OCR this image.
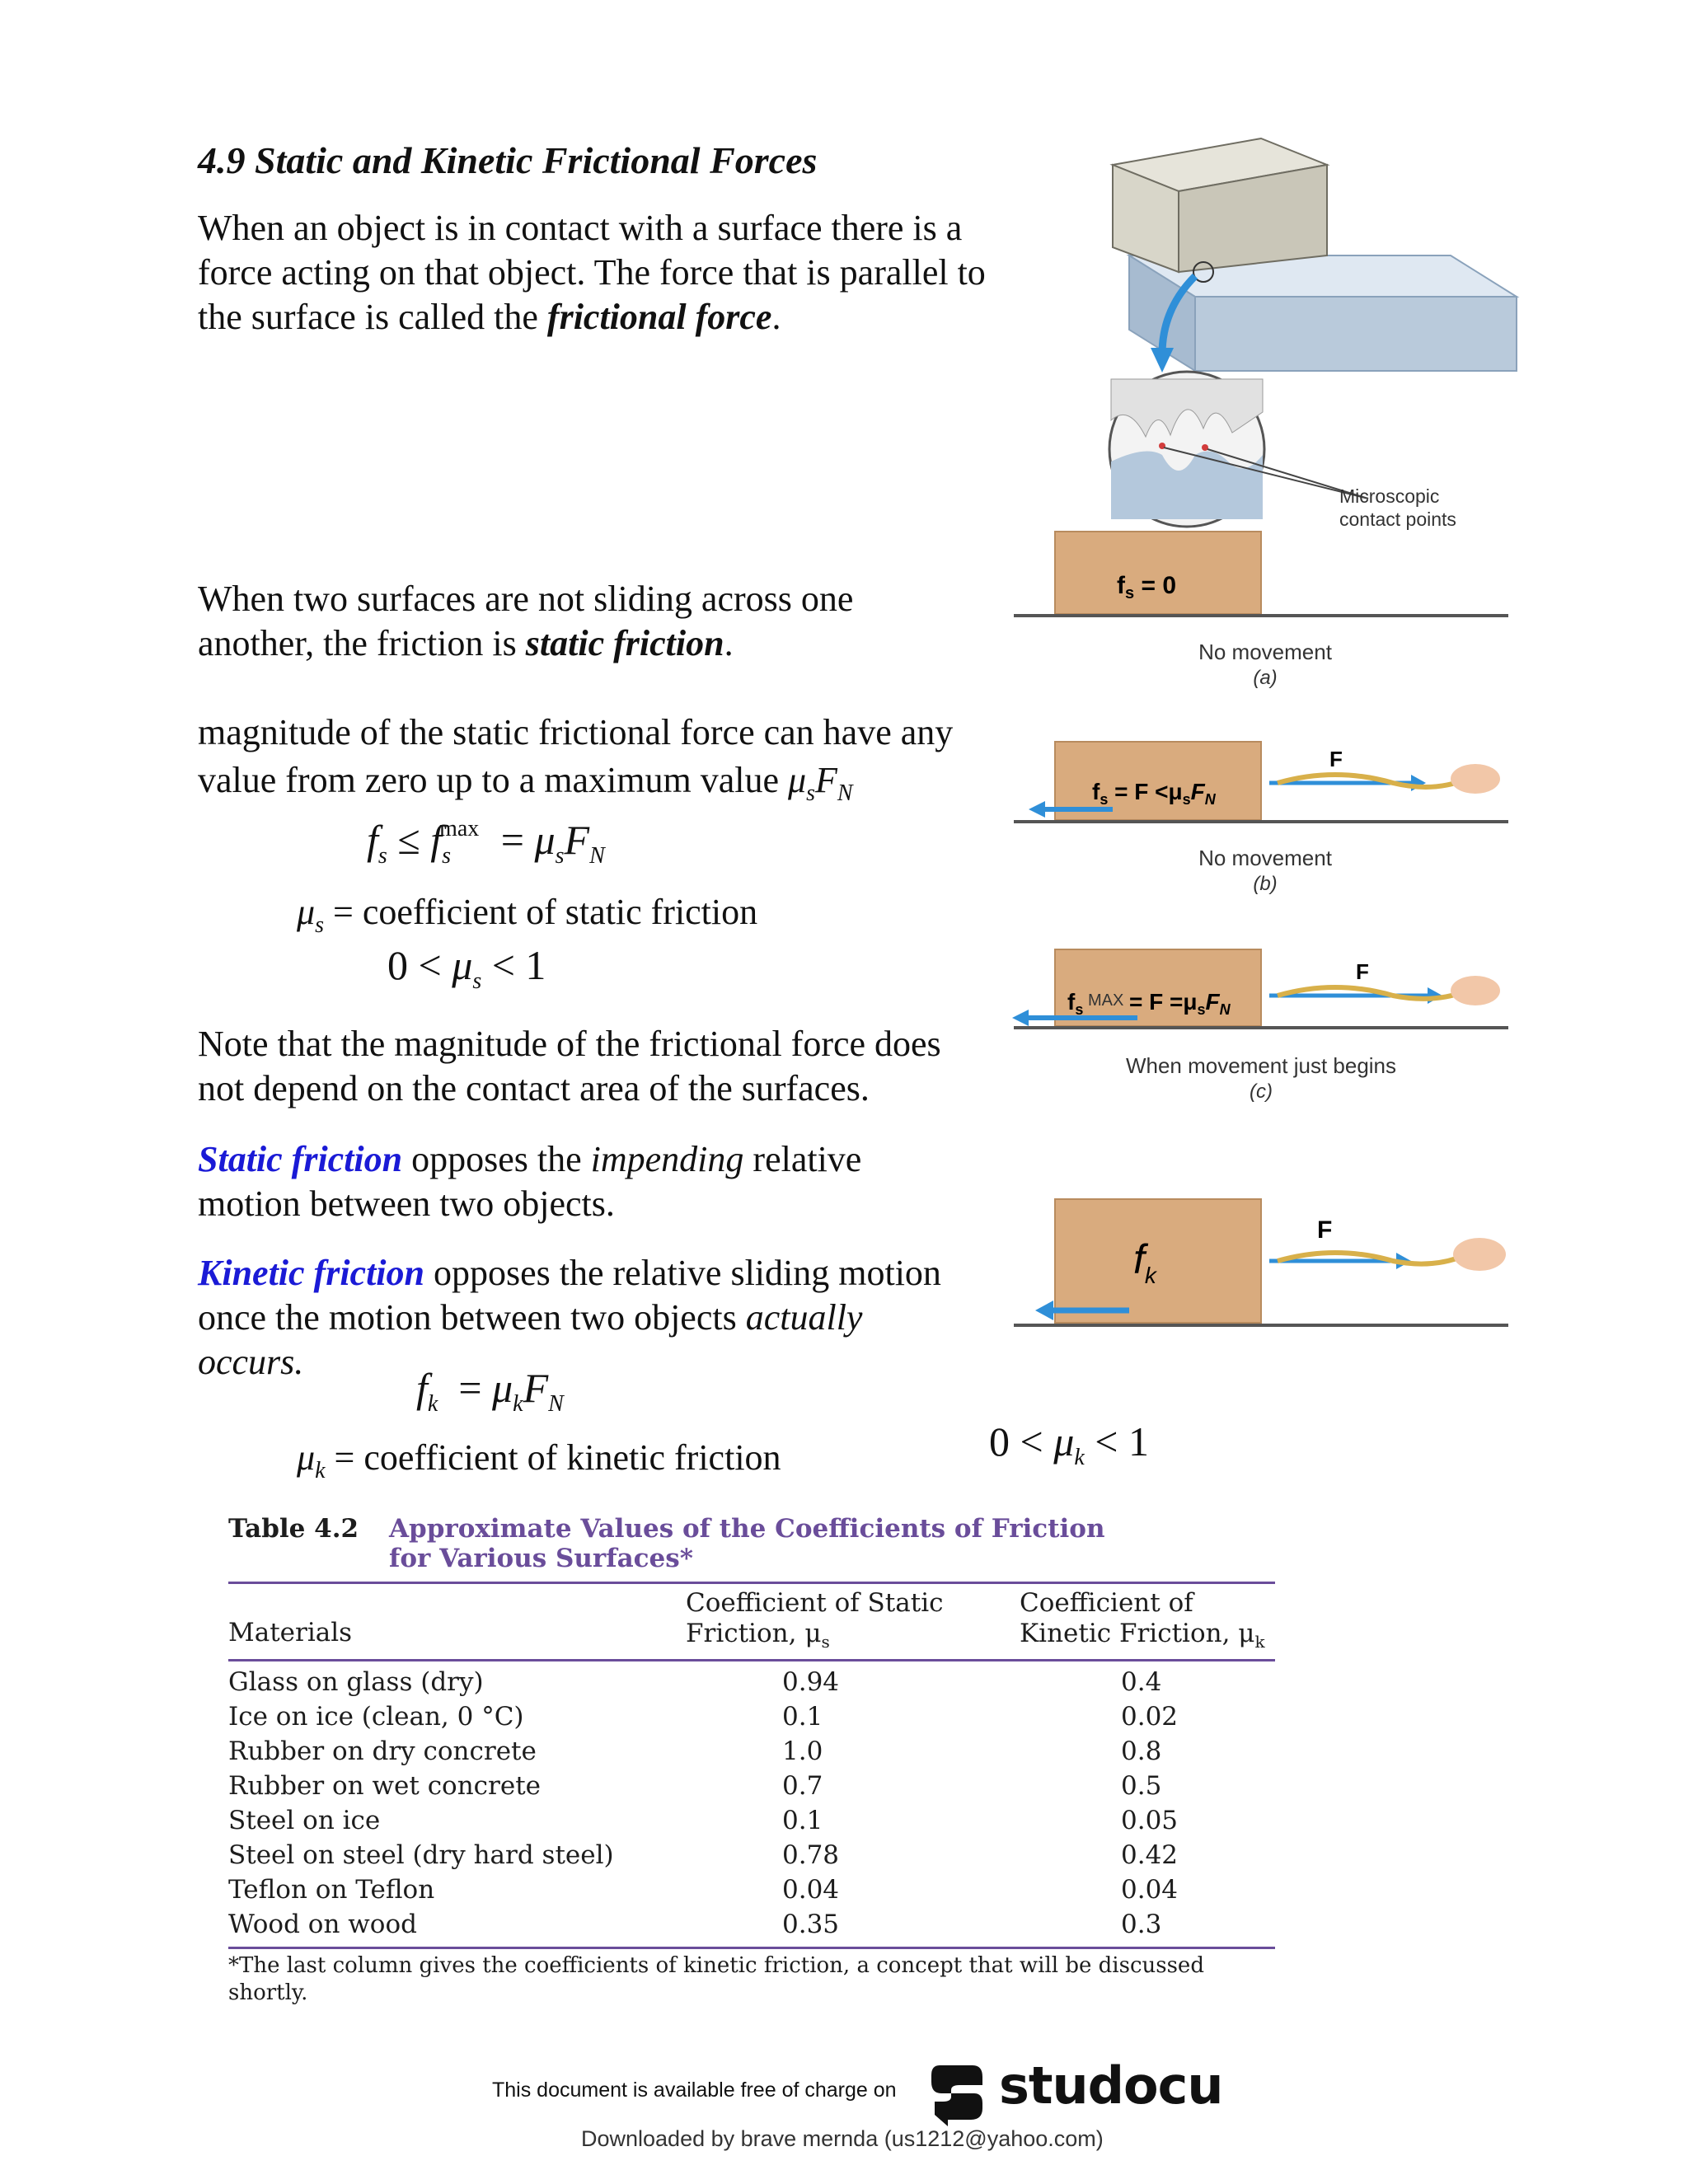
4.9 Static and Kinetic Frictional Forces
When an object is in contact with a surface there is a
force acting on that object. The force that is parallel to
the surface is called the frictional force.
When two surfaces are not sliding across one
another, the friction is static friction.
magnitude of the static frictional force can have any
value from zero up to a maximum value $\mu_sF_N$
$f_s \le f_s^{max} = \mu_sF_N$
$\mu_s$ = coefficient of static friction
$0 < \mu_s < 1$
Note that the magnitude of the frictional force does
not depend on the contact area of the surfaces.
Static friction opposes the impending relative
motion between two objects.
Kinetic friction opposes the relative sliding motion
once the motion between two objects actually
occurs.
$f_k = \mu_kF_N$
$\mu_k$ = coefficient of kinetic friction	$0 < \mu_k < 1$
Microscopic
contact points
$f_s = 0$
No movement
(a)
F
$f_s = F <\mu_sF_N$
No movement
(b)
F
$f_s$ MAX = $F =\mu_sF_N$
When movement just begins
(c)
F
$f_k$
Table 4.2 Approximate Values of the Coefficients of Friction
for Various Surfaces*
Materials
Coefficient of Static
Friction, $\mu_s$
Coefficient of
Kinetic Friction, $\mu_k$
Glass on glass (dry)	0.94	0.4
Ice on ice (clean, 0 °C)	0.1	0.02
Rubber on dry concrete	1.0	0.8
Rubber on wet concrete	0.7	0.5
Steel on ice	0.1	0.05
Steel on steel (dry hard steel)	0.78	0.42
Teflon on Teflon	0.04	0.04
Wood on wood	0.35	0.3
*The last column gives the coefficients of kinetic friction, a concept that will be discussed
shortly.
This document is available free of charge on studocu
Downloaded by brave mernda (us1212@yahoo.com)
